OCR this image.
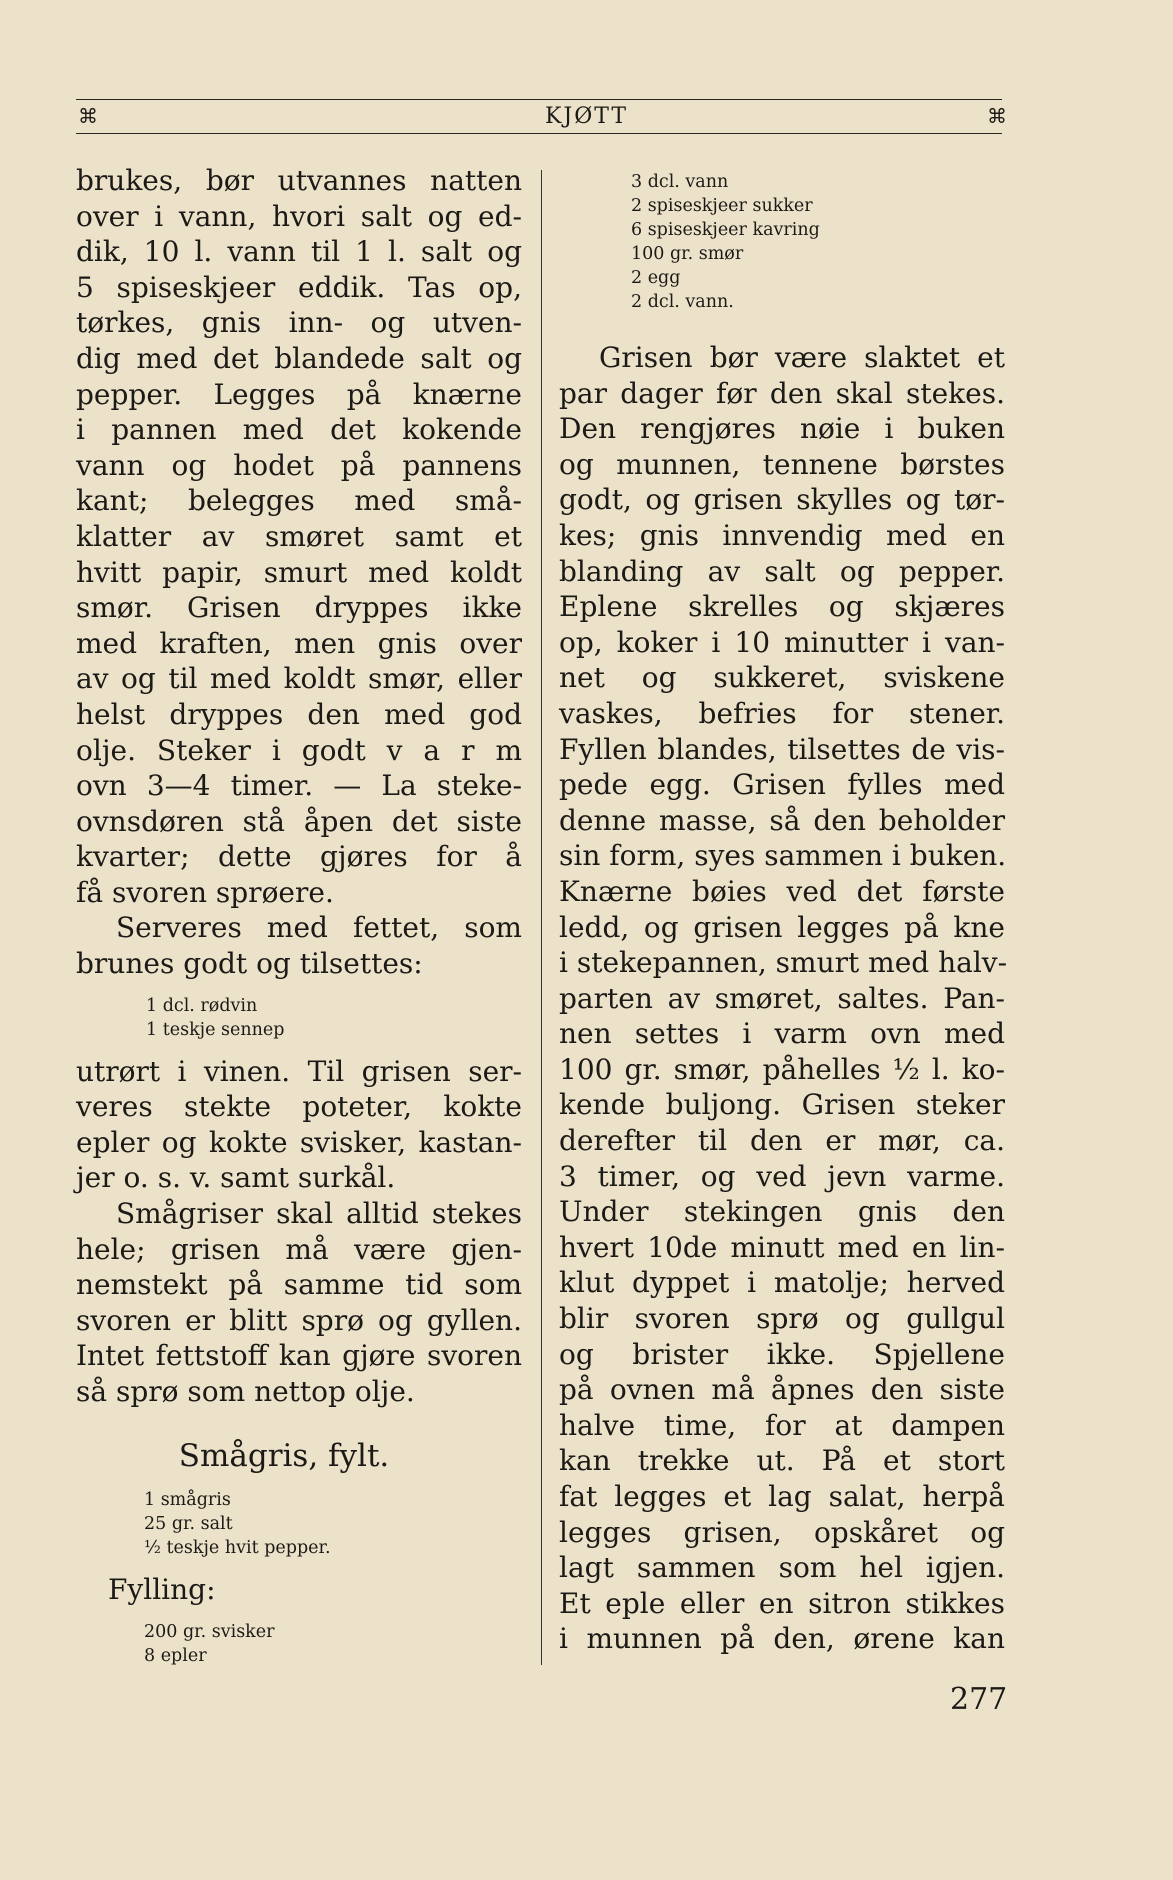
⌘	KJØTT	⌘
brukes, bør utvannes natten
over i vann, hvori salt og ed-
dik, 10 l. vann til 1 l. salt og
5 spiseskjeer eddik. Tas op,
tørkes, gnis inn- og utven-
dig med det blandede salt og
pepper. Legges på knærne
i pannen med det kokende
vann og hodet på pannens
kant; belegges med små-
klatter av smøret samt et
hvitt papir, smurt med koldt
smør. Grisen dryppes ikke
med kraften, men gnis over
av og til med koldt smør, eller
helst dryppes den med god
olje. Steker i godt v a r m
ovn 3—4 timer. — La steke-
ovnsdøren stå åpen det siste
kvarter; dette gjøres for å
få svoren sprøere.
Serveres med fettet, som
brunes godt og tilsettes:
1 dcl. rødvin
1 teskje sennep
utrørt i vinen. Til grisen ser-
veres stekte poteter, kokte
epler og kokte svisker, kastan-
jer o. s. v. samt surkål.
Smågriser skal alltid stekes
hele; grisen må være gjen-
nemstekt på samme tid som
svoren er blitt sprø og gyllen.
Intet fettstoff kan gjøre svoren
så sprø som nettop olje.
Smågris, fylt.
1 smågris
25 gr. salt
½ teskje hvit pepper.
Fylling:
200 gr. svisker
8 epler
3 dcl. vann
2 spiseskjeer sukker
6 spiseskjeer kavring
100 gr. smør
2 egg
2 dcl. vann.
Grisen bør være slaktet et
par dager før den skal stekes.
Den rengjøres nøie i buken
og munnen, tennene børstes
godt, og grisen skylles og tør-
kes; gnis innvendig med en
blanding av salt og pepper.
Eplene skrelles og skjæres
op, koker i 10 minutter i van-
net og sukkeret, sviskene
vaskes, befries for stener.
Fyllen blandes, tilsettes de vis-
pede egg. Grisen fylles med
denne masse, så den beholder
sin form, syes sammen i buken.
Knærne bøies ved det første
ledd, og grisen legges på kne
i stekepannen, smurt med halv-
parten av smøret, saltes. Pan-
nen settes i varm ovn med
100 gr. smør, påhelles ½ l. ko-
kende buljong. Grisen steker
derefter til den er mør, ca.
3 timer, og ved jevn varme.
Under stekingen gnis den
hvert 10de minutt med en lin-
klut dyppet i matolje; herved
blir svoren sprø og gullgul
og brister ikke. Spjellene
på ovnen må åpnes den siste
halve time, for at dampen
kan trekke ut. På et stort
fat legges et lag salat, herpå
legges grisen, opskåret og
lagt sammen som hel igjen.
Et eple eller en sitron stikkes
i munnen på den, ørene kan
277
